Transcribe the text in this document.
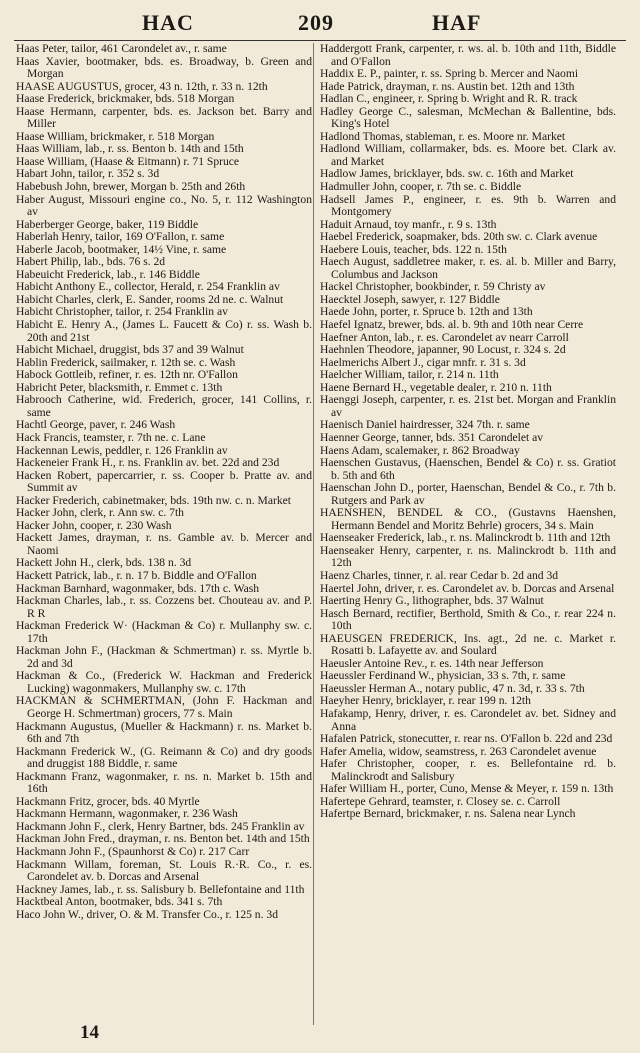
HAC	209	HAF
Haas Peter, tailor, 461 Carondelet av., r. same
Haas Xavier, bootmaker, bds. es. Broadway, b. Green and Morgan
HAASE AUGUSTUS, grocer, 43 n. 12th, r. 33 n. 12th
Haase Frederick, brickmaker, bds. 518 Morgan
Haase Hermann, carpenter, bds. es. Jackson bet. Barry and Miller
Haase William, brickmaker, r. 518 Morgan
Haas William, lab., r. ss. Benton b. 14th and 15th
Haase William, (Haase & Eitmann) r. 71 Spruce
Habart John, tailor, r. 352 s. 3d
Habebush John, brewer, Morgan b. 25th and 26th
Haber August, Missouri engine co., No. 5, r. 112 Washington av
Haberberger George, baker, 119 Biddle
Haberlah Henry, tailor, 169 O'Fallon, r. same
Haberle Jacob, bootmaker, 14½ Vine, r. same
Habert Philip, lab., bds. 76 s. 2d
Habeuicht Frederick, lab., r. 146 Biddle
Habicht Anthony E., collector, Herald, r. 254 Franklin av
Habicht Charles, clerk, E. Sander, rooms 2d ne. c. Walnut
Habicht Christopher, tailor, r. 254 Franklin av
Habicht E. Henry A., (James L. Faucett & Co) r. ss. Wash b. 20th and 21st
Habicht Michael, druggist, bds 37 and 39 Walnut
Hablin Frederick, sailmaker, r. 12th se. c. Wash
Habock Gottleib, refiner, r. es. 12th nr. O'Fallon
Habricht Peter, blacksmith, r. Emmet c. 13th
Habrooch Catherine, wid. Frederich, grocer, 141 Collins, r. same
Hachtl George, paver, r. 246 Wash
Hack Francis, teamster, r. 7th ne. c. Lane
Hackennan Lewis, peddler, r. 126 Franklin av
Hackeneier Frank H., r. ns. Franklin av. bet. 22d and 23d
Hacken Robert, papercarrier, r. ss. Cooper b. Pratte av. and Summit av
Hacker Frederich, cabinetmaker, bds. 19th nw. c. n. Market
Hacker John, clerk, r. Ann sw. c. 7th
Hacker John, cooper, r. 230 Wash
Hackett James, drayman, r. ns. Gamble av. b. Mercer and Naomi
Hackett John H., clerk, bds. 138 n. 3d
Hackett Patrick, lab., r. n. 17 b. Biddle and O'Fallon
Hackman Barnhard, wagonmaker, bds. 17th c. Wash
Hackman Charles, lab., r. ss. Cozzens bet. Chouteau av. and P. R R
Hackman Frederick W· (Hackman & Co) r. Mullanphy sw. c. 17th
Hackman John F., (Hackman & Schmertman) r. ss. Myrtle b. 2d and 3d
Hackman & Co., (Frederick W. Hackman and Frederick Lucking) wagonmakers, Mullanphy sw. c. 17th
HACKMAN & SCHMERTMAN, (John F. Hackman and George H. Schmertman) grocers, 77 s. Main
Hackmann Augustus, (Mueller & Hackmann) r. ns. Market b. 6th and 7th
Hackmann Frederick W., (G. Reimann & Co) and dry goods and druggist 188 Biddle, r. same
Hackmann Franz, wagonmaker, r. ns. n. Market b. 15th and 16th
Hackmann Fritz, grocer, bds. 40 Myrtle
Hackmann Hermann, wagonmaker, r. 236 Wash
Hackmann John F., clerk, Henry Bartner, bds. 245 Franklin av
Hackman John Fred., drayman, r. ns. Benton bet. 14th and 15th
Hackmann John F., (Spaunhorst & Co) r. 217 Carr
Hackmann Willam, foreman, St. Louis R.·R. Co., r. es. Carondelet av. b. Dorcas and Arsenal
Hackney James, lab., r. ss. Salisbury b. Bellefontaine and 11th
Hacktbeal Anton, bootmaker, bds. 341 s. 7th
Haco John W., driver, O. & M. Transfer Co., r. 125 n. 3d
Haddergott Frank, carpenter, r. ws. al. b. 10th and 11th, Biddle and O'Fallon
Haddix E. P., painter, r. ss. Spring b. Mercer and Naomi
Hade Patrick, drayman, r. ns. Austin bet. 12th and 13th
Hadlan C., engineer, r. Spring b. Wright and R. R. track
Hadley George C., salesman, McMechan & Ballentine, bds. King's Hotel
Hadlond Thomas, stableman, r. es. Moore nr. Market
Hadlond William, collarmaker, bds. es. Moore bet. Clark av. and Market
Hadlow James, bricklayer, bds. sw. c. 16th and Market
Hadmuller John, cooper, r. 7th se. c. Biddle
Hadsell James P., engineer, r. es. 9th b. Warren and Montgomery
Haduit Arnaud, toy manfr., r. 9 s. 13th
Haebel Frederick, soapmaker, bds. 20th sw. c. Clark avenue
Haebere Louis, teacher, bds. 122 n. 15th
Haech August, saddletree maker, r. es. al. b. Miller and Barry, Columbus and Jackson
Hackel Christopher, bookbinder, r. 59 Christy av
Haecktel Joseph, sawyer, r. 127 Biddle
Haede John, porter, r. Spruce b. 12th and 13th
Haefel Ignatz, brewer, bds. al. b. 9th and 10th near Cerre
Haefner Anton, lab., r. es. Carondelet av nearr Carroll
Haehnlen Theodore, japanner, 90 Locust, r. 324 s. 2d
Haelmerichs Albert J., cigar mnfr. r. 31 s. 3d
Haelcher William, tailor, r. 214 n. 11th
Haene Bernard H., vegetable dealer, r. 210 n. 11th
Haenggi Joseph, carpenter, r. es. 21st bet. Morgan and Franklin av
Haenisch Daniel hairdresser, 324 7th. r. same
Haenner George, tanner, bds. 351 Carondelet av
Haens Adam, scalemaker, r. 862 Broadway
Haenschen Gustavus, (Haenschen, Bendel & Co) r. ss. Gratiot b. 5th and 6th
Haenschan John D., porter, Haenschan, Bendel & Co., r. 7th b. Rutgers and Park av
HAENSHEN, BENDEL & CO., (Gustavns Haenshen, Hermann Bendel and Moritz Behrle) grocers, 34 s. Main
Haenseaker Frederick, lab., r. ns. Malinckrodt b. 11th and 12th
Haenseaker Henry, carpenter, r. ns. Malinckrodt b. 11th and 12th
Haenz Charles, tinner, r. al. rear Cedar b. 2d and 3d
Haertel John, driver, r. es. Carondelet av. b. Dorcas and Arsenal
Haerting Henry G., lithographer, bds. 37 Walnut
Hasch Bernard, rectifier, Berthold, Smith & Co., r. rear 224 n. 10th
HAEUSGEN FREDERICK, Ins. agt., 2d ne. c. Market r. Rosatti b. Lafayette av. and Soulard
Haeusler Antoine Rev., r. es. 14th near Jefferson
Haeussler Ferdinand W., physician, 33 s. 7th, r. same
Haeussler Herman A., notary public, 47 n. 3d, r. 33 s. 7th
Haeyher Henry, bricklayer, r. rear 199 n. 12th
Hafakamp, Henry, driver, r. es. Carondelet av. bet. Sidney and Anna
Hafalen Patrick, stonecutter, r. rear ns. O'Fallon b. 22d and 23d
Hafer Amelia, widow, seamstress, r. 263 Carondelet avenue
Hafer Christopher, cooper, r. es. Bellefontaine rd. b. Malinckrodt and Salisbury
Hafer William H., porter, Cuno, Mense & Meyer, r. 159 n. 13th
Hafertepe Gehrard, teamster, r. Closey se. c. Carroll
Hafertpe Bernard, brickmaker, r. ns. Salena near Lynch
14
